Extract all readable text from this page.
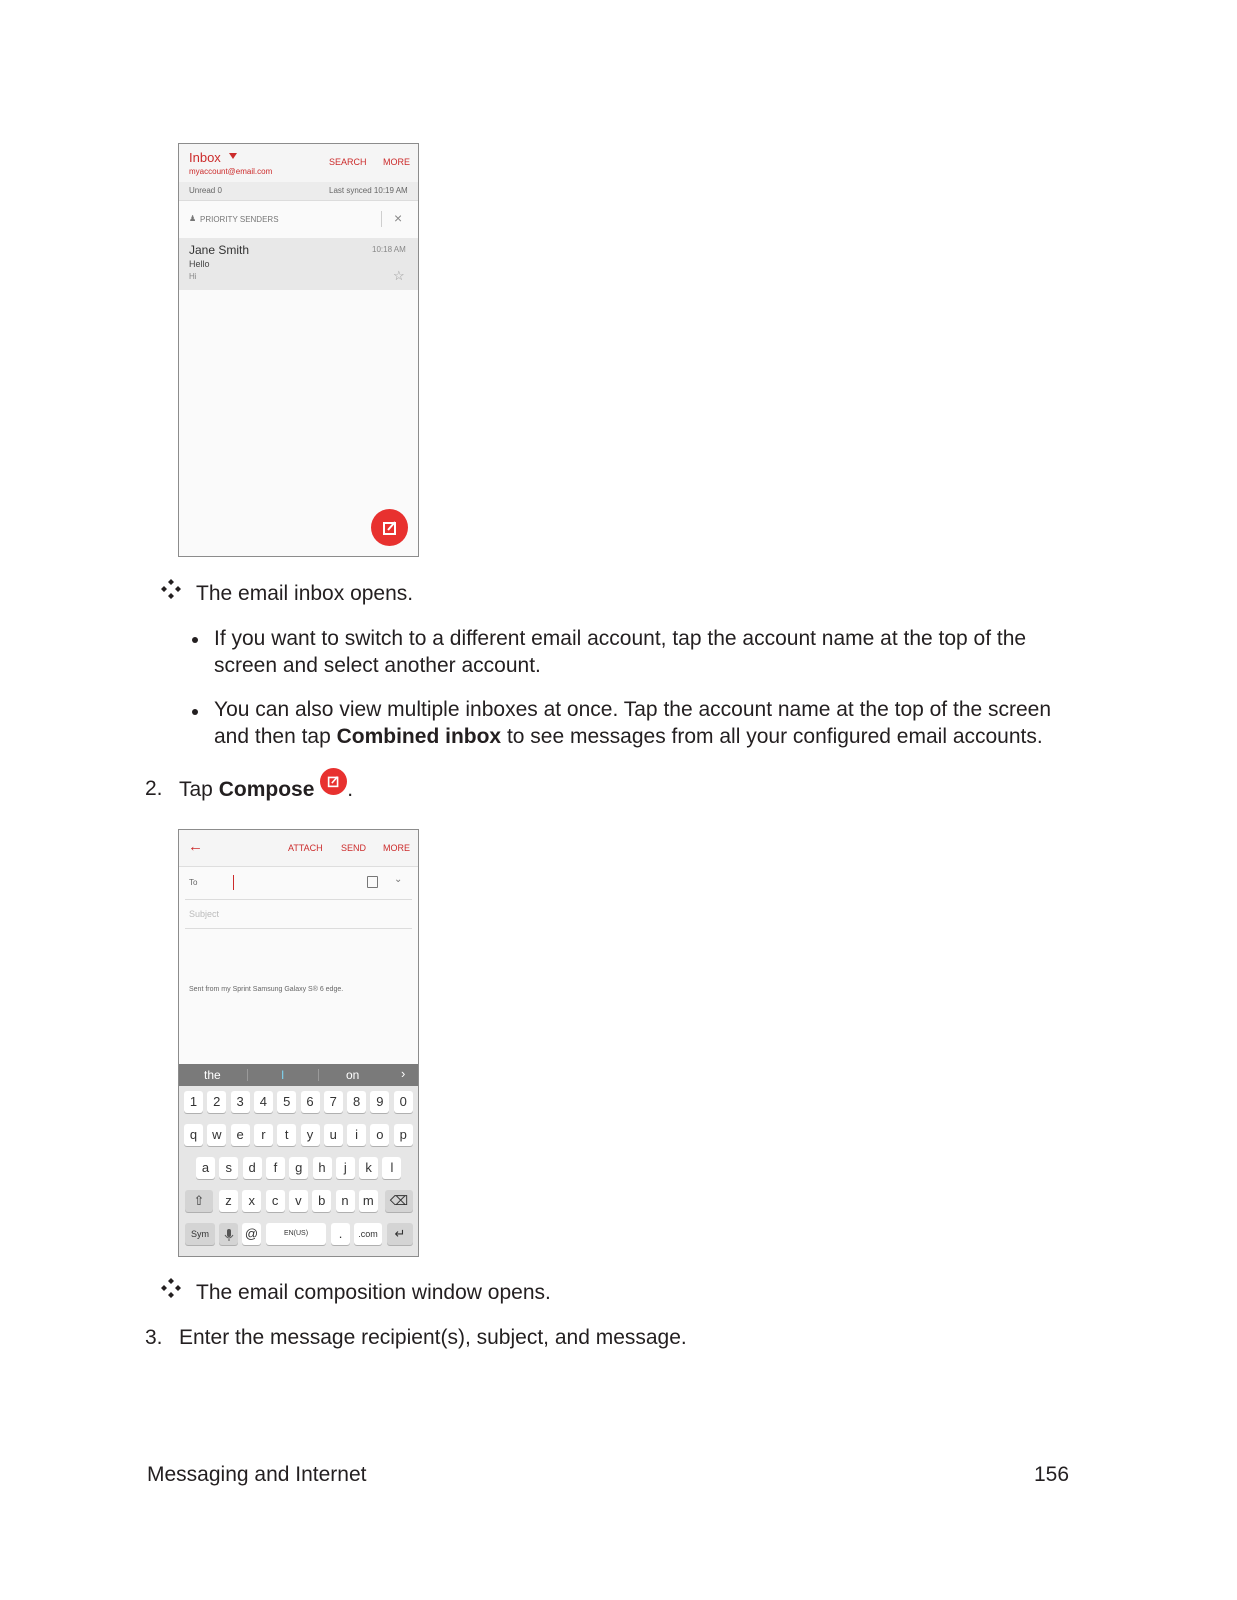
Inbox
myaccount@email.com
SEARCH MORE
Unread 0	Last synced 10:19 AM
♟ PRIORITY SENDERS	×
Jane Smith	10:18 AM
Hello
Hi	☆
The email inbox opens.
If you want to switch to a different email account, tap the account name at the top of the screen and select another account.
You can also view multiple inboxes at once. Tap the account name at the top of the screen and then tap Combined inbox to see messages from all your configured email accounts.
2. Tap Compose .
←	ATTACH SEND MORE
To	⌄
Subject
Sent from my Sprint Samsung Galaxy S® 6 edge.
the	I	on	›
1	2	3	4	5	6	7	8	9	0
q	w	e	r	t	y	u	i	o	p
a	s	d	f	g	h	j	k	l
z	x	c	v	b	n	m
⇧	⌫
Sym	@	EN(US)	.	.com	↵
The email composition window opens.
3. Enter the message recipient(s), subject, and message.
Messaging and Internet	156
